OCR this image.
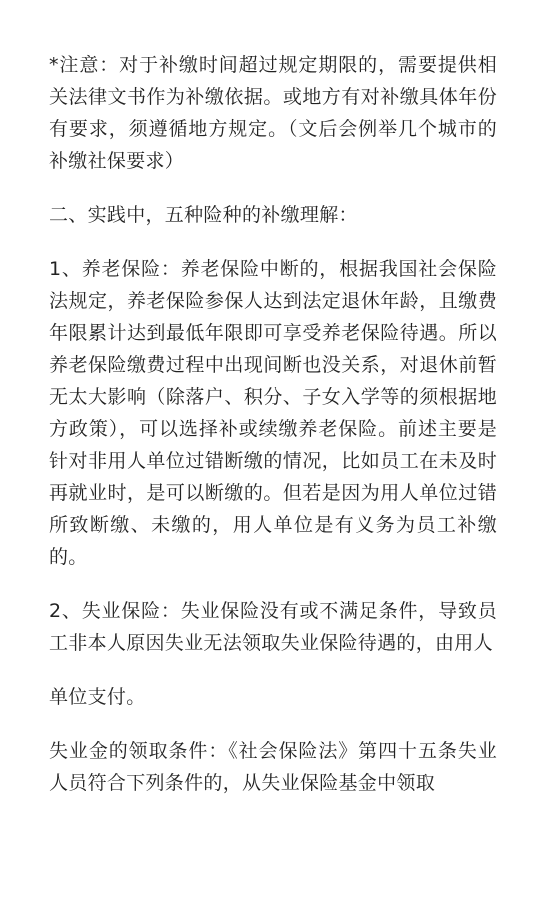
*注意：对于补缴时间超过规定期限的，需要提供相关法律文书作为补缴依据。或地方有对补缴具体年份有要求，须遵循地方规定。（文后会例举几个城市的补缴社保要求）

二、实践中，五种险种的补缴理解：

1、养老保险：养老保险中断的，根据我国社会保险法规定，养老保险参保人达到法定退休年龄，且缴费年限累计达到最低年限即可享受养老保险待遇。所以养老保险缴费过程中出现间断也没关系，对退休前暂无太大影响（除落户、积分、子女入学等的须根据地方政策），可以选择补或续缴养老保险。前述主要是针对非用人单位过错断缴的情况，比如员工在未及时再就业时，是可以断缴的。但若是因为用人单位过错所致断缴、未缴的，用人单位是有义务为员工补缴的。

2、失业保险：失业保险没有或不满足条件，导致员工非本人原因失业无法领取失业保险待遇的，由用人

单位支付。

失业金的领取条件：《社会保险法》第四十五条失业人员符合下列条件的，从失业保险基金中领取
